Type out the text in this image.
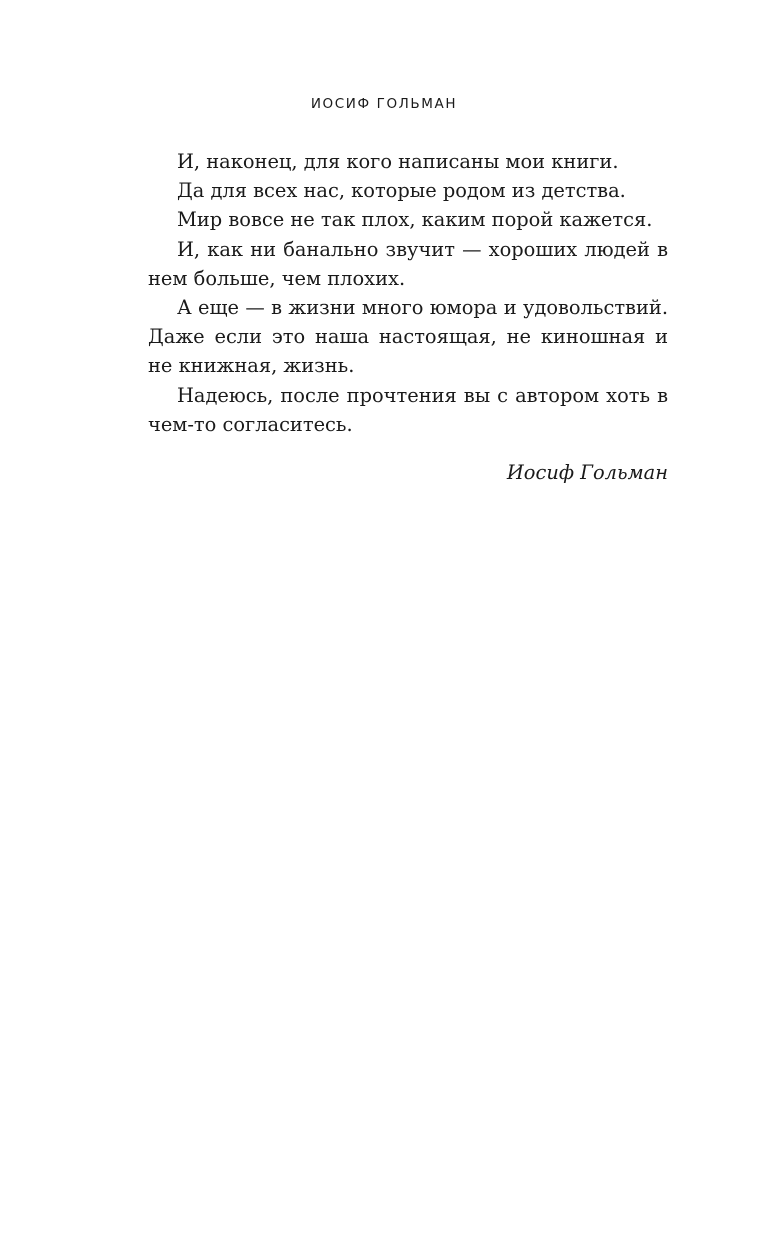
ИОСИФ ГОЛЬМАН

И, наконец, для кого написаны мои книги.

Да для всех нас, которые родом из детства.

Мир вовсе не так плох, каким порой кажется.

И, как ни банально звучит — хороших людей в нем больше, чем плохих.

А еще — в жизни много юмора и удовольствий. Даже если это наша настоящая, не киношная и не книжная, жизнь.

Надеюсь, после прочтения вы с автором хоть в чем-то согласитесь.

Иосиф Гольман
